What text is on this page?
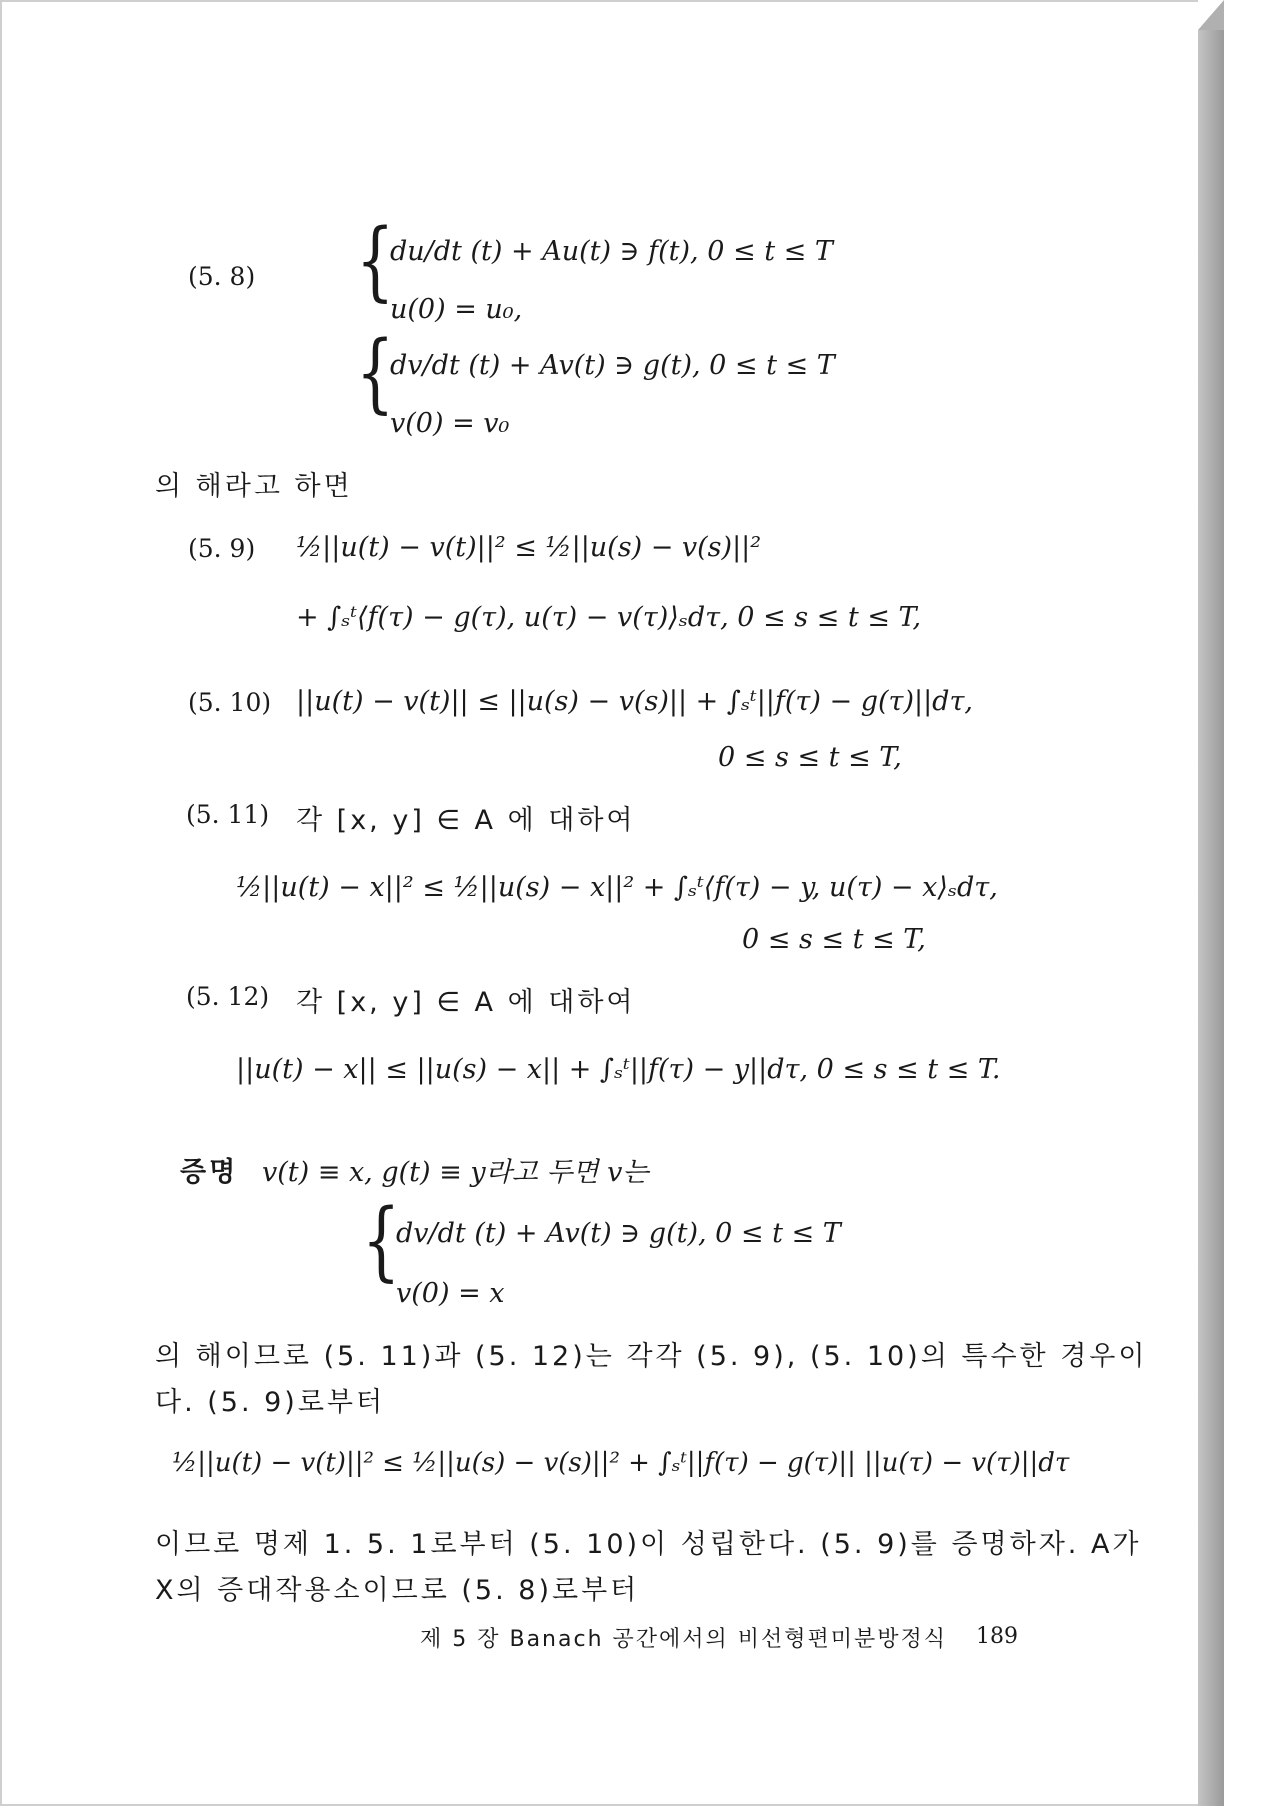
(5. 8) {
du/dt (t) + Au(t) ∋ f(t), 0 ≤ t ≤ T
u(0) = u₀,
{
dv/dt (t) + Av(t) ∋ g(t), 0 ≤ t ≤ T
v(0) = v₀
의 해라고 하면
(5. 9) ½||u(t) − v(t)||² ≤ ½||u(s) − v(s)||²
+ ∫ₛᵗ⟨f(τ) − g(τ), u(τ) − v(τ)⟩ₛdτ, 0 ≤ s ≤ t ≤ T,
(5. 10) ||u(t) − v(t)|| ≤ ||u(s) − v(s)|| + ∫ₛᵗ||f(τ) − g(τ)||dτ,
0 ≤ s ≤ t ≤ T,
(5. 11) 각 [x, y] ∈ A 에 대하여
½||u(t) − x||² ≤ ½||u(s) − x||² + ∫ₛᵗ⟨f(τ) − y, u(τ) − x⟩ₛdτ,
0 ≤ s ≤ t ≤ T,
(5. 12) 각 [x, y] ∈ A 에 대하여
||u(t) − x|| ≤ ||u(s) − x|| + ∫ₛᵗ||f(τ) − y||dτ, 0 ≤ s ≤ t ≤ T.
증명 v(t) ≡ x, g(t) ≡ y라고 두면 v는
{
dv/dt (t) + Av(t) ∋ g(t), 0 ≤ t ≤ T
v(0) = x
의 해이므로 (5. 11)과 (5. 12)는 각각 (5. 9), (5. 10)의 특수한 경우이
다. (5. 9)로부터
½||u(t) − v(t)||² ≤ ½||u(s) − v(s)||² + ∫ₛᵗ||f(τ) − g(τ)|| ||u(τ) − v(τ)||dτ
이므로 명제 1. 5. 1로부터 (5. 10)이 성립한다. (5. 9)를 증명하자. A가
X의 증대작용소이므로 (5. 8)로부터
제 5 장 Banach 공간에서의 비선형편미분방정식 189
